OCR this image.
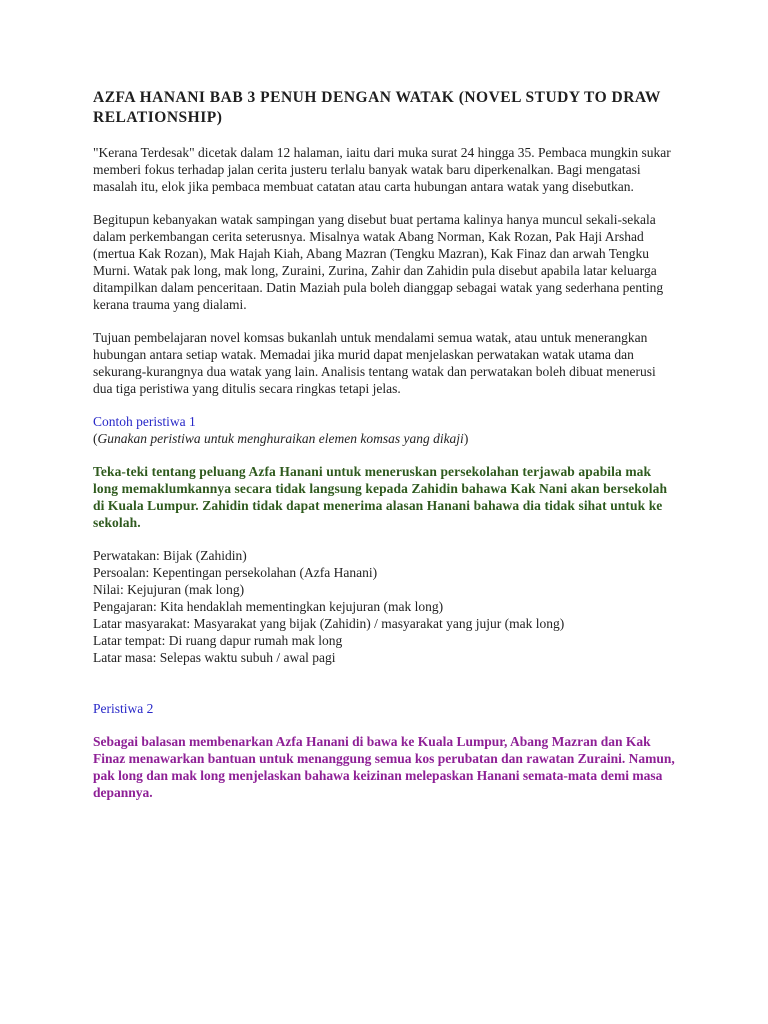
AZFA HANANI BAB 3 PENUH DENGAN WATAK (NOVEL STUDY TO DRAW RELATIONSHIP)

"Kerana Terdesak" dicetak dalam 12 halaman, iaitu dari muka surat 24 hingga 35. Pembaca mungkin sukar memberi fokus terhadap jalan cerita justeru terlalu banyak watak baru diperkenalkan. Bagi mengatasi masalah itu, elok jika pembaca membuat catatan atau carta hubungan antara watak yang disebutkan.

Begitupun kebanyakan watak sampingan yang disebut buat pertama kalinya hanya muncul sekali-sekala dalam perkembangan cerita seterusnya. Misalnya watak Abang Norman, Kak Rozan, Pak Haji Arshad (mertua Kak Rozan), Mak Hajah Kiah, Abang Mazran (Tengku Mazran), Kak Finaz dan arwah Tengku Murni. Watak pak long, mak long, Zuraini, Zurina, Zahir dan Zahidin pula disebut apabila latar keluarga ditampilkan dalam penceritaan. Datin Maziah pula boleh dianggap sebagai watak yang sederhana penting kerana trauma yang dialami.

Tujuan pembelajaran novel komsas bukanlah untuk mendalami semua watak, atau untuk menerangkan hubungan antara setiap watak. Memadai jika murid dapat menjelaskan perwatakan watak utama dan sekurang-kurangnya dua watak yang lain. Analisis tentang watak dan perwatakan boleh dibuat menerusi dua tiga peristiwa yang ditulis secara ringkas tetapi jelas.

Contoh peristiwa 1

(Gunakan peristiwa untuk menghuraikan elemen komsas yang dikaji)

Teka-teki tentang peluang Azfa Hanani untuk meneruskan persekolahan terjawab apabila mak long memaklumkannya secara tidak langsung kepada Zahidin bahawa Kak Nani akan bersekolah di Kuala Lumpur. Zahidin tidak dapat menerima alasan Hanani bahawa dia tidak sihat untuk ke sekolah.

Perwatakan: Bijak (Zahidin)
Persoalan: Kepentingan persekolahan (Azfa Hanani)
Nilai: Kejujuran (mak long)
Pengajaran: Kita hendaklah mementingkan kejujuran (mak long)
Latar masyarakat: Masyarakat yang bijak (Zahidin) / masyarakat yang jujur (mak long)
Latar tempat: Di ruang dapur rumah mak long
Latar masa: Selepas waktu subuh / awal pagi

Peristiwa 2

Sebagai balasan membenarkan Azfa Hanani di bawa ke Kuala Lumpur, Abang Mazran dan Kak Finaz menawarkan bantuan untuk menanggung semua kos perubatan dan rawatan Zuraini. Namun, pak long dan mak long menjelaskan bahawa keizinan melepaskan Hanani semata-mata demi masa depannya.
